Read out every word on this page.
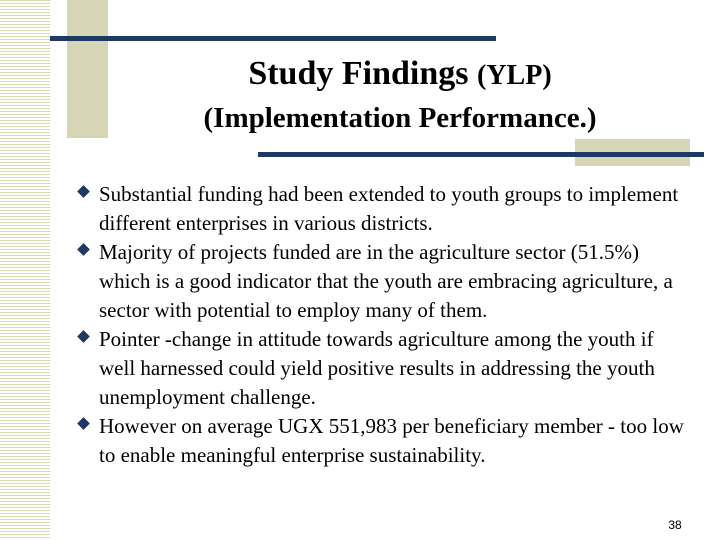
Study Findings (YLP)
(Implementation Performance.)
Substantial funding had been extended to youth groups to implement different enterprises in various districts.
Majority of projects funded are in the agriculture sector (51.5%) which is a good indicator that the youth are embracing agriculture, a sector with potential to employ many of them.
Pointer -change in attitude towards agriculture among the youth if well harnessed could yield positive results in addressing the youth unemployment challenge.
However on average UGX 551,983 per beneficiary member - too low to enable meaningful enterprise sustainability.
38
